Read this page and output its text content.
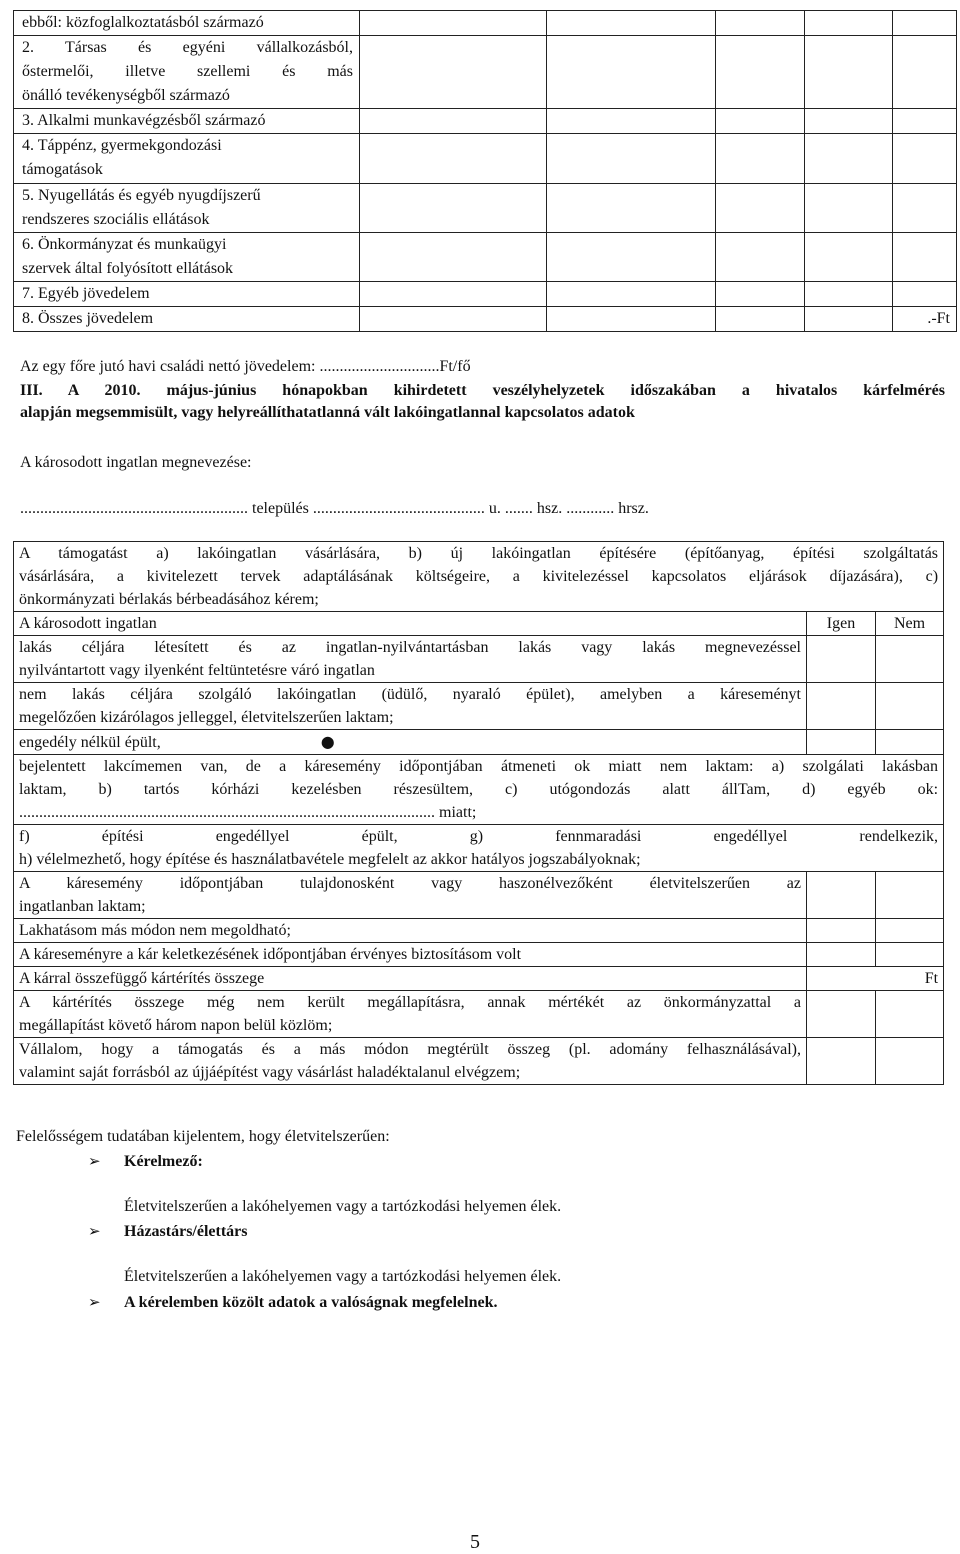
ebből: közfoglalkoztatásból származó					

2. Társas és egyéni vállalkozásból,
őstermelői, illetve szellemi és más
önálló tevékenységből származó					

3. Alkalmi munkavégzésből származó					

4. Táppénz, gyermekgondozási
támogatások					

5. Nyugellátás és egyéb nyugdíjszerű
rendszeres szociális ellátások					

6. Önkormányzat és munkaügyi
szervek által folyósított ellátások					

7. Egyéb jövedelem					

8. Összes jövedelem					.-Ft
Az egy főre jutó havi családi nettó jövedelem: ..............................Ft/fő
III. A 2010. május-június hónapokban kihirdetett veszélyhelyzetek időszakában a hivatalos kárfelmérés
alapján megsemmisült, vagy helyreállíthatatlanná vált lakóingatlannal kapcsolatos adatok
A károsodott ingatlan megnevezése:
......................................................... település ........................................... u. ....... hsz. ............ hrsz.
A támogatást a) lakóingatlan vásárlására, b) új lakóingatlan építésére (építőanyag, építési szolgáltatás
vásárlására, a kivitelezett tervek adaptálásának költségeire, a kivitelezéssel kapcsolatos eljárások díjazására), c)
önkormányzati bérlakás bérbeadásához kérem;		

A károsodott ingatlan	Igen	Nem

lakás céljára létesített és az ingatlan-nyilvántartásban lakás vagy lakás megnevezéssel
nyilvántartott vagy ilyenként feltüntetésre váró ingatlan		

nem lakás céljára szolgáló lakóingatlan (üdülő, nyaraló épület), amelyben a káreseményt
megelőzően kizárólagos jelleggel, életvitelszerűen laktam;		

engedély nélkül épült, ●		

bejelentett lakcímemen van, de a káresemény időpontjában átmeneti ok miatt nem laktam: a) szolgálati lakásban
laktam, b) tartós kórházi kezelésben részesültem, c) utógondozás alatt állTam, d) egyéb ok:
........................................................................................................ miatt;		

f) építési engedéllyel épült, g) fennmaradási engedéllyel rendelkezik,
h) vélelmezhető, hogy építése és használatbavétele megfelelt az akkor hatályos jogszabályoknak;		

A káresemény időpontjában tulajdonosként vagy haszonélvezőként életvitelszerűen az
ingatlanban laktam;		

Lakhatásom más módon nem megoldható;		
A káreseményre a kár keletkezésének időpontjában érvényes biztosításom volt		
A kárral összefüggő kártérítés összege	Ft	

A kártérítés összege még nem került megállapításra, annak mértékét az önkormányzattal a
megállapítást követő három napon belül közlöm;		

Vállalom, hogy a támogatás és a más módon megtérült összeg (pl. adomány felhasználásával),
valamint saját forrásból az újjáépítést vagy vásárlást haladéktalanul elvégzem;		

Felelősségem tudatában kijelentem, hogy életvitelszerűen:
➢ Kérelmező:
Életvitelszerűen a lakóhelyemen vagy a tartózkodási helyemen élek.
➢ Házastárs/élettárs
Életvitelszerűen a lakóhelyemen vagy a tartózkodási helyemen élek.
➢ A kérelemben közölt adatok a valóságnak megfelelnek.
5
